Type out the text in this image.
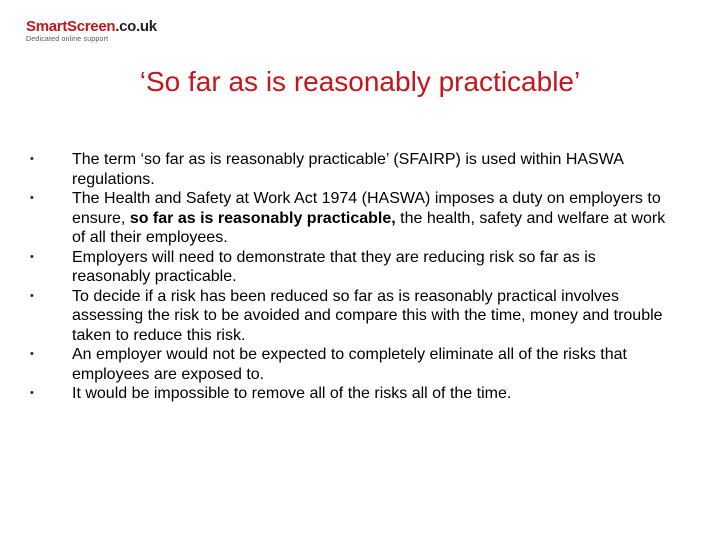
SmartScreen.co.uk
Dedicated online support
‘So far as is reasonably practicable’
•	The term ‘so far as is reasonably practicable’ (SFAIRP) is used within HASWA regulations.
•	The Health and Safety at Work Act 1974 (HASWA) imposes a duty on employers to ensure, so far as is reasonably practicable, the health, safety and welfare at work of all their employees.
•	Employers will need to demonstrate that they are reducing risk so far as is reasonably practicable.
•	To decide if a risk has been reduced so far as is reasonably practical involves assessing the risk to be avoided and compare this with the time, money and trouble taken to reduce this risk.
•	An employer would not be expected to completely eliminate all of the risks that employees are exposed to.
•	It would be impossible to remove all of the risks all of the time.
